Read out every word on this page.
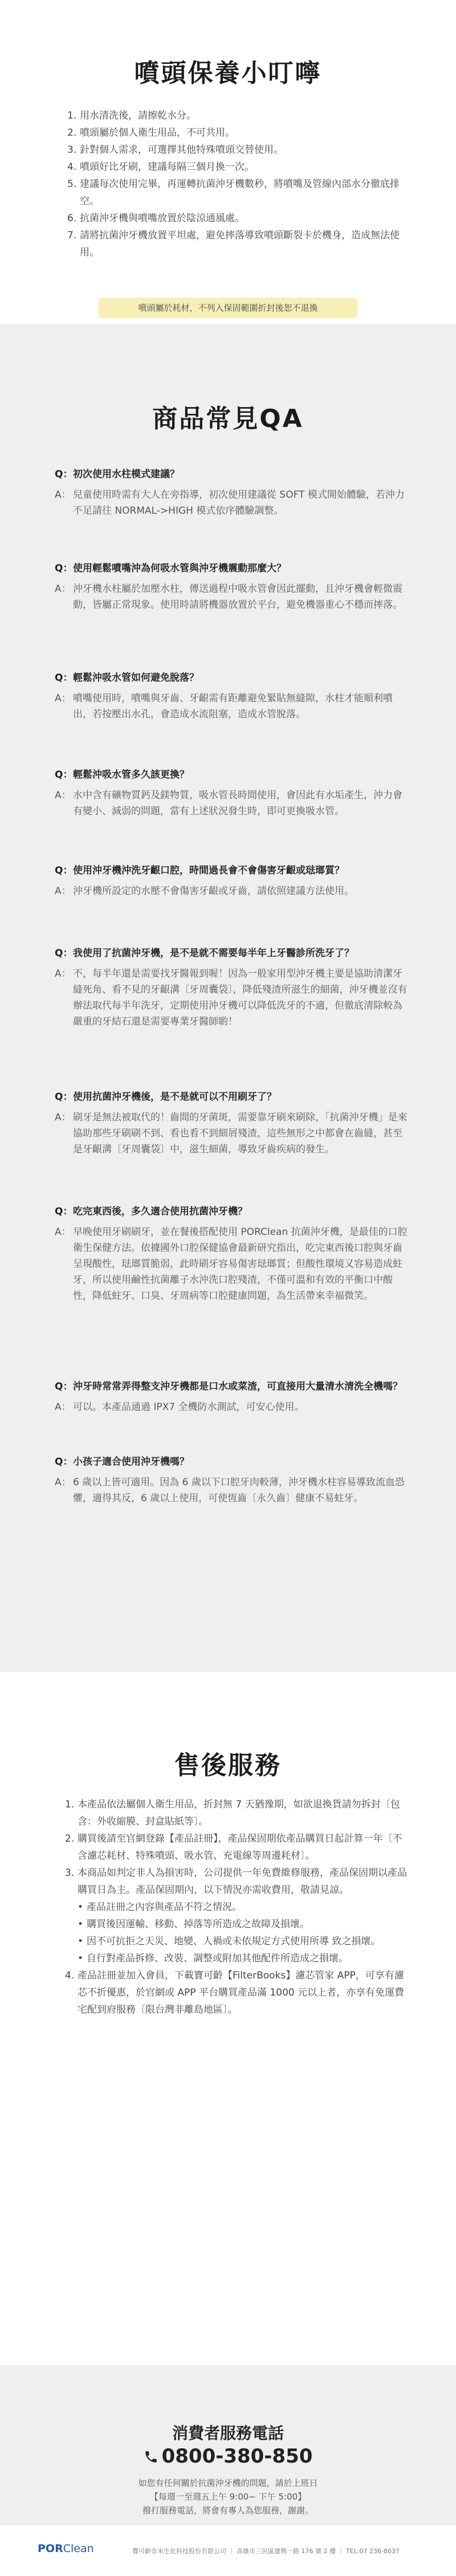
噴頭保養小叮嚀
1. 用水清洗後，請擦乾水分。
2. 噴頭屬於個人衛生用品，不可共用。
3. 針對個人需求，可選擇其他特殊噴頭交替使用。
4. 噴頭好比牙刷，建議每隔三個月換一次。
5. 建議每次使用完畢，再運轉抗菌沖牙機數秒，將噴嘴及管線內部水分徹底排空。
6. 抗菌沖牙機與噴嘴放置於陰涼通風處。
7. 請將抗菌沖牙機放置平坦處，避免摔落導致噴頭斷裂卡於機身，造成無法使用。
噴頭屬於耗材，不列入保固範圍折封後恕不退換
商品常見QA
Q： 初次使用水柱模式建議？
A： 兒童使用時需有大人在旁指導，初次使用建議從 SOFT 模式開始體驗，若沖力不足請往 NORMAL->HIGH 模式依序體驗調整。
Q： 使用輕鬆噴嘴沖為何吸水管與沖牙機震動那麼大？
A： 沖牙機水柱屬於加壓水柱，傳送過程中吸水管會因此擺動，且沖牙機會輕微震動，皆屬正常現象。使用時請將機器放置於平台，避免機器重心不穩而摔落。
Q： 輕鬆沖吸水管如何避免脫落？
A： 噴嘴使用時，噴嘴與牙齒、牙齦需有距離避免緊貼無縫隙，水柱才能順利噴出，若按壓出水孔，會造成水流阻塞，造成水管脫落。
Q： 輕鬆沖吸水管多久該更換？
A： 水中含有礦物質鈣及鎂物質，吸水管長時間使用，會因此有水垢產生，沖力會有變小、減弱的問題，當有上述狀況發生時，即可更換吸水管。
Q： 使用沖牙機沖洗牙齦口腔，時間過長會不會傷害牙齦或琺瑯質？
A： 沖牙機所設定的水壓不會傷害牙齦或牙齒，請依照建議方法使用。
Q： 我使用了抗菌沖牙機，是不是就不需要每半年上牙醫診所洗牙了？
A： 不，每半年還是需要找牙醫報到喔！因為一般家用型沖牙機主要是協助清潔牙縫死角、看不見的牙齦溝〔牙周囊袋〕，降低殘渣所滋生的細菌，沖牙機並沒有辦法取代每半年洗牙，定期使用沖牙機可以降低洗牙的不適，但徹底清除較為嚴重的牙結石還是需要專業牙醫師喲！
Q： 使用抗菌沖牙機後，是不是就可以不用刷牙了？
A： 刷牙是無法被取代的！齒間的牙菌斑，需要靠牙刷來刷除，「抗菌沖牙機」是來協助那些牙刷刷不到、看也看不到細屑殘渣，這些無形之中都會在齒縫，甚至是牙齦溝〔牙周囊袋〕中，滋生細菌，導致牙齒疾病的發生。
Q： 吃完東西後，多久適合使用抗菌沖牙機？
A： 早晚使用牙刷刷牙，並在餐後搭配使用 PORClean 抗菌沖牙機，是最佳的口腔衛生保健方法。依據國外口腔保健協會最新研究指出，吃完東西後口腔與牙齒呈現酸性，琺瑯質脆弱，此時刷牙容易傷害琺瑯質；但酸性環境又容易造成蛀牙，所以使用鹼性抗菌離子水沖洗口腔殘渣，不僅可溫和有效的平衡口中酸性，降低蛀牙、口臭、牙周病等口腔健康問題，為生活帶來幸福微笑。
Q： 沖牙時常常弄得整支沖牙機都是口水或菜渣，可直接用大量清水清洗全機嗎？
A： 可以。本產品通過 IPX7 全機防水測試，可安心使用。
Q： 小孩子適合使用沖牙機嗎？
A： 6 歲以上皆可適用。因為 6 歲以下口腔牙肉較薄，沖牙機水柱容易導致流血恐懼，適得其反，6 歲以上使用，可使恆齒〔永久齒〕健康不易蛀牙。
售後服務
1. 本產品依法屬個人衛生用品，折封無 7 天猶豫期，如欲退換貨請勿拆封〔包含：外收縮膜、封盒貼紙等〕。
2. 購買後請至官網登錄【產品註冊】，產品保固期依產品購買日起計算一年〔不含濾芯耗材、特殊噴頭、吸水管、充電線等周邊耗材〕。
3. 本商品如判定非人為損害時，公司提供一年免費維修服務，產品保固期以產品購買日為主。產品保固期內，以下情況亦需收費用，敬請見諒。
• 產品註冊之內容與產品不符之情況。
• 購買後因運輸、移動、掉落等所造成之故障及損壞。
• 因不可抗拒之天災、地變、人禍或未依規定方式使用所導 致之損壞。
• 自行對產品拆修、改裝、調整或附加其他配件所造成之損壞。
4. 產品註冊並加入會員，下載寶可齡【FilterBooks】濾芯管家 APP，可享有濾芯不折優惠，於官網或 APP 平台購買產品滿 1000 元以上者，亦享有免運費宅配到府服務〔限台灣非離島地區〕。
消費者服務電話
0800-380-850
如您有任何關於抗菌沖牙機的問題，請於上班日
【每週一至週五上午 9:00~ 下午 5:00】
撥打服務電話，將會有專人為您服務，謝謝。
PORClean	寶可齡奈米生化科技股份有限公司 ｜ 高雄市三民區建興一路 176 號 2 樓 ｜ TEL:07 236-8037
